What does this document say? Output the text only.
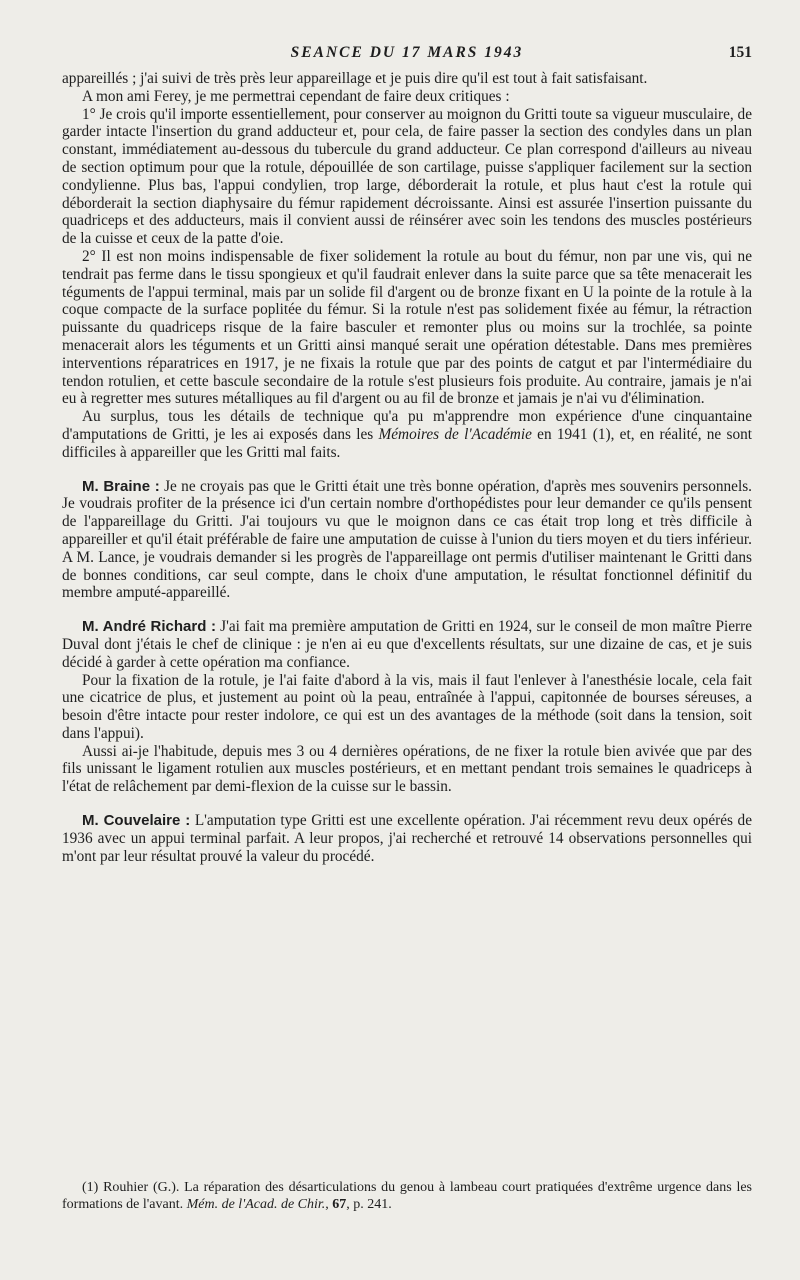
SEANCE DU 17 MARS 1943	151

appareillés ; j'ai suivi de très près leur appareillage et je puis dire qu'il est tout à fait satisfaisant.

A mon ami Ferey, je me permettrai cependant de faire deux critiques :

1° Je crois qu'il importe essentiellement, pour conserver au moignon du Gritti toute sa vigueur musculaire, de garder intacte l'insertion du grand adducteur et, pour cela, de faire passer la section des condyles dans un plan constant, immédiatement au-dessous du tubercule du grand adducteur. Ce plan correspond d'ailleurs au niveau de section optimum pour que la rotule, dépouillée de son cartilage, puisse s'appliquer facilement sur la section condylienne. Plus bas, l'appui condylien, trop large, déborderait la rotule, et plus haut c'est la rotule qui déborderait la section diaphysaire du fémur rapidement décroissante. Ainsi est assurée l'insertion puissante du quadriceps et des adducteurs, mais il convient aussi de réinsérer avec soin les tendons des muscles postérieurs de la cuisse et ceux de la patte d'oie.

2° Il est non moins indispensable de fixer solidement la rotule au bout du fémur, non par une vis, qui ne tendrait pas ferme dans le tissu spongieux et qu'il faudrait enlever dans la suite parce que sa tête menacerait les téguments de l'appui terminal, mais par un solide fil d'argent ou de bronze fixant en U la pointe de la rotule à la coque compacte de la surface poplitée du fémur. Si la rotule n'est pas solidement fixée au fémur, la rétraction puissante du quadriceps risque de la faire basculer et remonter plus ou moins sur la trochlée, sa pointe menacerait alors les téguments et un Gritti ainsi manqué serait une opération détestable. Dans mes premières interventions réparatrices en 1917, je ne fixais la rotule que par des points de catgut et par l'intermédiaire du tendon rotulien, et cette bascule secondaire de la rotule s'est plusieurs fois produite. Au contraire, jamais je n'ai eu à regretter mes sutures métalliques au fil d'argent ou au fil de bronze et jamais je n'ai vu d'élimination.

Au surplus, tous les détails de technique qu'a pu m'apprendre mon expérience d'une cinquantaine d'amputations de Gritti, je les ai exposés dans les Mémoires de l'Académie en 1941 (1), et, en réalité, ne sont difficiles à appareiller que les Gritti mal faits.

M. Braine : Je ne croyais pas que le Gritti était une très bonne opération, d'après mes souvenirs personnels. Je voudrais profiter de la présence ici d'un certain nombre d'orthopédistes pour leur demander ce qu'ils pensent de l'appareillage du Gritti. J'ai toujours vu que le moignon dans ce cas était trop long et très difficile à appareiller et qu'il était préférable de faire une amputation de cuisse à l'union du tiers moyen et du tiers inférieur. A M. Lance, je voudrais demander si les progrès de l'appareillage ont permis d'utiliser maintenant le Gritti dans de bonnes conditions, car seul compte, dans le choix d'une amputation, le résultat fonctionnel définitif du membre amputé-appareillé.

M. André Richard : J'ai fait ma première amputation de Gritti en 1924, sur le conseil de mon maître Pierre Duval dont j'étais le chef de clinique : je n'en ai eu que d'excellents résultats, sur une dizaine de cas, et je suis décidé à garder à cette opération ma confiance.

Pour la fixation de la rotule, je l'ai faite d'abord à la vis, mais il faut l'enlever à l'anesthésie locale, cela fait une cicatrice de plus, et justement au point où la peau, entraînée à l'appui, capitonnée de bourses séreuses, a besoin d'être intacte pour rester indolore, ce qui est un des avantages de la méthode (soit dans la tension, soit dans l'appui).

Aussi ai-je l'habitude, depuis mes 3 ou 4 dernières opérations, de ne fixer la rotule bien avivée que par des fils unissant le ligament rotulien aux muscles postérieurs, et en mettant pendant trois semaines le quadriceps à l'état de relâchement par demi-flexion de la cuisse sur le bassin.

M. Couvelaire : L'amputation type Gritti est une excellente opération. J'ai récemment revu deux opérés de 1936 avec un appui terminal parfait. A leur propos, j'ai recherché et retrouvé 14 observations personnelles qui m'ont par leur résultat prouvé la valeur du procédé.

(1) Rouhier (G.). La réparation des désarticulations du genou à lambeau court pratiquées d'extrême urgence dans les formations de l'avant. Mém. de l'Acad. de Chir., 67, p. 241.
